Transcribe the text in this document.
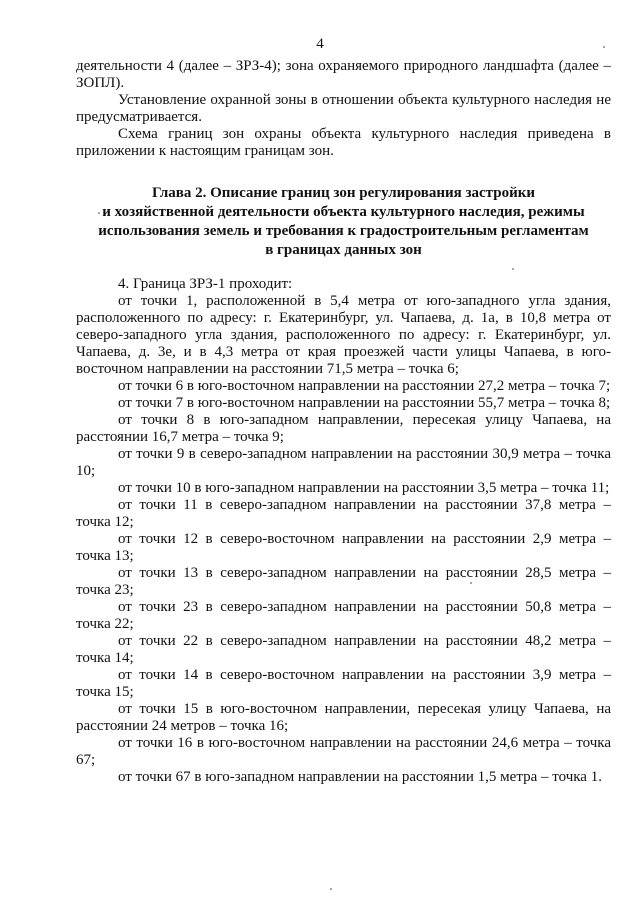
4

деятельности 4 (далее – ЗРЗ-4); зона охраняемого природного ландшафта (далее – ЗОПЛ).

Установление охранной зоны в отношении объекта культурного наследия не предусматривается.

Схема границ зон охраны объекта культурного наследия приведена в приложении к настоящим границам зон.

Глава 2. Описание границ зон регулирования застройки
и хозяйственной деятельности объекта культурного наследия, режимы
использования земель и требования к градостроительным регламентам
в границах данных зон

4. Граница ЗРЗ-1 проходит:

от точки 1, расположенной в 5,4 метра от юго-западного угла здания, расположенного по адресу: г. Екатеринбург, ул. Чапаева, д. 1а, в 10,8 метра от северо-западного угла здания, расположенного по адресу: г. Екатеринбург, ул. Чапаева, д. 3е, и в 4,3 метра от края проезжей части улицы Чапаева, в юго-восточном направлении на расстоянии 71,5 метра – точка 6;

от точки 6 в юго-восточном направлении на расстоянии 27,2 метра – точка 7;

от точки 7 в юго-восточном направлении на расстоянии 55,7 метра – точка 8;

от точки 8 в юго-западном направлении, пересекая улицу Чапаева, на расстоянии 16,7 метра – точка 9;

от точки 9 в северо-западном направлении на расстоянии 30,9 метра – точка 10;

от точки 10 в юго-западном направлении на расстоянии 3,5 метра – точка 11;

от точки 11 в северо-западном направлении на расстоянии 37,8 метра – точка 12;

от точки 12 в северо-восточном направлении на расстоянии 2,9 метра – точка 13;

от точки 13 в северо-западном направлении на расстоянии 28,5 метра – точка 23;

от точки 23 в северо-западном направлении на расстоянии 50,8 метра – точка 22;

от точки 22 в северо-западном направлении на расстоянии 48,2 метра – точка 14;

от точки 14 в северо-восточном направлении на расстоянии 3,9 метра – точка 15;

от точки 15 в юго-восточном направлении, пересекая улицу Чапаева, на расстоянии 24 метров – точка 16;

от точки 16 в юго-восточном направлении на расстоянии 24,6 метра – точка 67;

от точки 67 в юго-западном направлении на расстоянии 1,5 метра – точка 1.
